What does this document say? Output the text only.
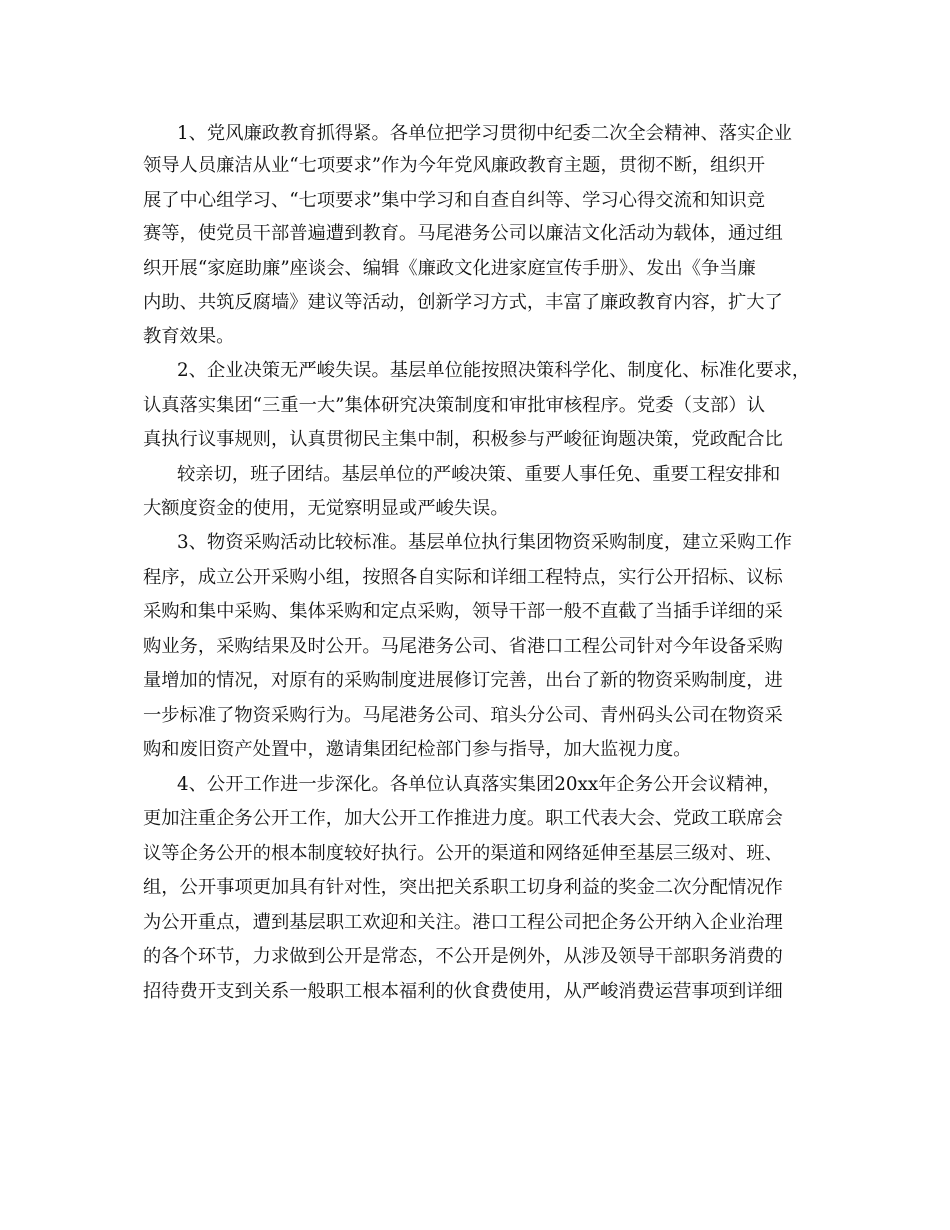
1、党风廉政教育抓得紧。各单位把学习贯彻中纪委二次全会精神、落实企业
领导人员廉洁从业“七项要求”作为今年党风廉政教育主题，贯彻不断，组织开
展了中心组学习、“七项要求”集中学习和自查自纠等、学习心得交流和知识竞
赛等，使党员干部普遍遭到教育。马尾港务公司以廉洁文化活动为载体，通过组
织开展“家庭助廉”座谈会、编辑《廉政文化进家庭宣传手册》、发出《争当廉
内助、共筑反腐墙》建议等活动，创新学习方式，丰富了廉政教育内容，扩大了
教育效果。
2、企业决策无严峻失误。基层单位能按照决策科学化、制度化、标准化要求，
认真落实集团“三重一大”集体研究决策制度和审批审核程序。党委（支部）认
真执行议事规则，认真贯彻民主集中制，积极参与严峻征询题决策，党政配合比
较亲切，班子团结。基层单位的严峻决策、重要人事任免、重要工程安排和
大额度资金的使用，无觉察明显或严峻失误。
3、物资采购活动比较标准。基层单位执行集团物资采购制度，建立采购工作
程序，成立公开采购小组，按照各自实际和详细工程特点，实行公开招标、议标
采购和集中采购、集体采购和定点采购，领导干部一般不直截了当插手详细的采
购业务，采购结果及时公开。马尾港务公司、省港口工程公司针对今年设备采购
量增加的情况，对原有的采购制度进展修订完善，出台了新的物资采购制度，进
一步标准了物资采购行为。马尾港务公司、琯头分公司、青州码头公司在物资采
购和废旧资产处置中，邀请集团纪检部门参与指导，加大监视力度。
4、公开工作进一步深化。各单位认真落实集团20xx年企务公开会议精神，
更加注重企务公开工作，加大公开工作推进力度。职工代表大会、党政工联席会
议等企务公开的根本制度较好执行。公开的渠道和网络延伸至基层三级对、班、
组，公开事项更加具有针对性，突出把关系职工切身利益的奖金二次分配情况作
为公开重点，遭到基层职工欢迎和关注。港口工程公司把企务公开纳入企业治理
的各个环节，力求做到公开是常态，不公开是例外，从涉及领导干部职务消费的
招待费开支到关系一般职工根本福利的伙食费使用，从严峻消费运营事项到详细
